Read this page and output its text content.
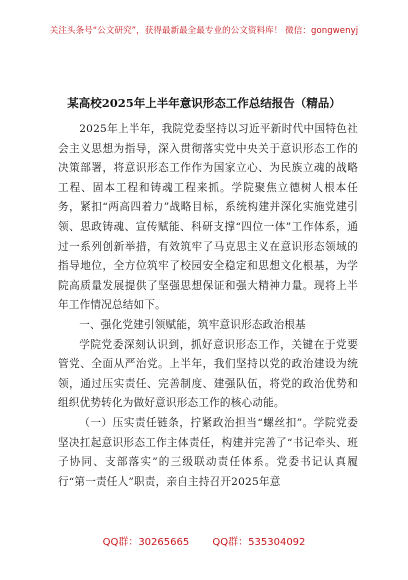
关注头条号“公文研究”，获得最新最全最专业的公文资料库！ 微信：gongwenyj
某高校2025年上半年意识形态工作总结报告（精品）

2025年上半年，我院党委坚持以习近平新时代中国特色社会主义思想为指导，深入贯彻落实党中央关于意识形态工作的决策部署，将意识形态工作作为国家立心、为民族立魂的战略工程、固本工程和铸魂工程来抓。学院聚焦立德树人根本任务，紧扣“两高四着力”战略目标，系统构建并深化实施党建引领、思政铸魂、宣传赋能、科研支撑“四位一体”工作体系，通过一系列创新举措，有效筑牢了马克思主义在意识形态领域的指导地位，全方位筑牢了校园安全稳定和思想文化根基，为学院高质量发展提供了坚强思想保证和强大精神力量。现将上半年工作情况总结如下。

一、强化党建引领赋能，筑牢意识形态政治根基

学院党委深刻认识到，抓好意识形态工作，关键在于党要管党、全面从严治党。上半年，我们坚持以党的政治建设为统领，通过压实责任、完善制度、建强队伍，将党的政治优势和组织优势转化为做好意识形态工作的核心动能。

（一）压实责任链条，拧紧政治担当“螺丝扣”。学院党委坚决扛起意识形态工作主体责任，构建并完善了“书记牵头、班子协同、支部落实”的三级联动责任体系。党委书记认真履行“第一责任人”职责，亲自主持召开2025年意

QQ群：30265665 QQ群：535304092
